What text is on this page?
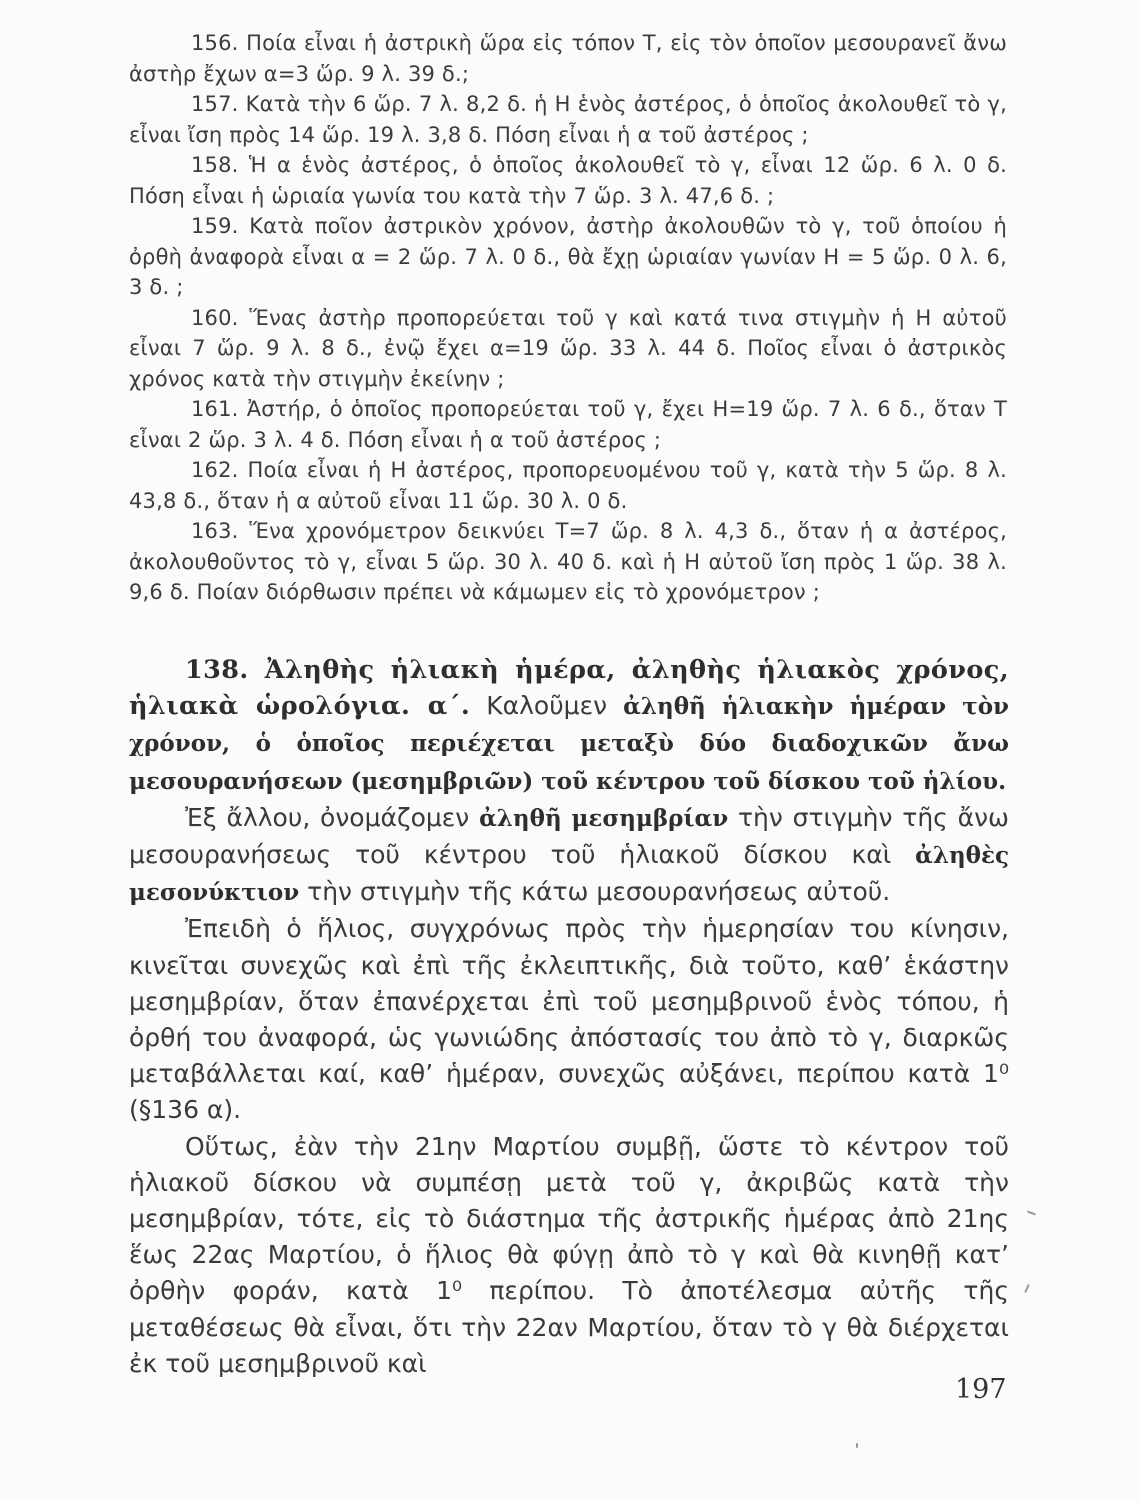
156. Ποία εἶναι ἡ ἀστρικὴ ὥρα εἰς τόπον Τ, εἰς τὸν ὁποῖον μεσουρανεῖ ἄνω ἀστὴρ ἔχων α=3 ὥρ. 9 λ. 39 δ.;

157. Κατὰ τὴν 6 ὥρ. 7 λ. 8,2 δ. ἡ Η ἑνὸς ἀστέρος, ὁ ὁποῖος ἀκολουθεῖ τὸ γ, εἶναι ἴση πρὸς 14 ὥρ. 19 λ. 3,8 δ. Πόση εἶναι ἡ α τοῦ ἀστέρος ;

158. Ἡ α ἑνὸς ἀστέρος, ὁ ὁποῖος ἀκολουθεῖ τὸ γ, εἶναι 12 ὥρ. 6 λ. 0 δ. Πόση εἶναι ἡ ὡριαία γωνία του κατὰ τὴν 7 ὥρ. 3 λ. 47,6 δ. ;

159. Κατὰ ποῖον ἀστρικὸν χρόνον, ἀστὴρ ἀκολουθῶν τὸ γ, τοῦ ὁποίου ἡ ὀρθὴ ἀναφορὰ εἶναι α = 2 ὥρ. 7 λ. 0 δ., θὰ ἔχῃ ὡριαίαν γωνίαν Η = 5 ὥρ. 0 λ. 6, 3 δ. ;

160. Ἕνας ἀστὴρ προπορεύεται τοῦ γ καὶ κατά τινα στιγμὴν ἡ Η αὐτοῦ εἶναι 7 ὥρ. 9 λ. 8 δ., ἐνῷ ἔχει α=19 ὥρ. 33 λ. 44 δ. Ποῖος εἶναι ὁ ἀστρικὸς χρόνος κατὰ τὴν στιγμὴν ἐκείνην ;

161. Ἀστήρ, ὁ ὁποῖος προπορεύεται τοῦ γ, ἔχει Η=19 ὥρ. 7 λ. 6 δ., ὅταν Τ εἶναι 2 ὥρ. 3 λ. 4 δ. Πόση εἶναι ἡ α τοῦ ἀστέρος ;

162. Ποία εἶναι ἡ Η ἀστέρος, προπορευομένου τοῦ γ, κατὰ τὴν 5 ὥρ. 8 λ. 43,8 δ., ὅταν ἡ α αὐτοῦ εἶναι 11 ὥρ. 30 λ. 0 δ.

163. Ἕνα χρονόμετρον δεικνύει Τ=7 ὥρ. 8 λ. 4,3 δ., ὅταν ἡ α ἀστέρος, ἀκολουθοῦντος τὸ γ, εἶναι 5 ὥρ. 30 λ. 40 δ. καὶ ἡ Η αὐτοῦ ἴση πρὸς 1 ὥρ. 38 λ. 9,6 δ. Ποίαν διόρθωσιν πρέπει νὰ κάμωμεν εἰς τὸ χρονόμετρον ;

138. Ἀληθὴς ἡλιακὴ ἡμέρα, ἀληθὴς ἡλιακὸς χρόνος, ἡλιακὰ ὡρολόγια. α΄. Καλοῦμεν ἀληθῆ ἡλιακὴν ἡμέραν τὸν χρόνον, ὁ ὁποῖος περιέχεται μεταξὺ δύο διαδοχικῶν ἄνω μεσουρανήσεων (μεσημβριῶν) τοῦ κέντρου τοῦ δίσκου τοῦ ἡλίου.

Ἐξ ἄλλου, ὀνομάζομεν ἀληθῆ μεσημβρίαν τὴν στιγμὴν τῆς ἄνω μεσουρανήσεως τοῦ κέντρου τοῦ ἡλιακοῦ δίσκου καὶ ἀληθὲς μεσονύκτιον τὴν στιγμὴν τῆς κάτω μεσουρανήσεως αὐτοῦ.

Ἐπειδὴ ὁ ἥλιος, συγχρόνως πρὸς τὴν ἡμερησίαν του κίνησιν, κινεῖται συνεχῶς καὶ ἐπὶ τῆς ἐκλειπτικῆς, διὰ τοῦτο, καθ’ ἑκάστην μεσημβρίαν, ὅταν ἐπανέρχεται ἐπὶ τοῦ μεσημβρινοῦ ἑνὸς τόπου, ἡ ὀρθή του ἀναφορά, ὡς γωνιώδης ἀπόστασίς του ἀπὸ τὸ γ, διαρκῶς μεταβάλλεται καί, καθ’ ἡμέραν, συνεχῶς αὐξάνει, περίπου κατὰ 1⁰ (§136 α).

Οὕτως, ἐὰν τὴν 21ην Μαρτίου συμβῇ, ὥστε τὸ κέντρον τοῦ ἡλιακοῦ δίσκου νὰ συμπέσῃ μετὰ τοῦ γ, ἀκριβῶς κατὰ τὴν μεσημβρίαν, τότε, εἰς τὸ διάστημα τῆς ἀστρικῆς ἡμέρας ἀπὸ 21ης ἕως 22ας Μαρτίου, ὁ ἥλιος θὰ φύγῃ ἀπὸ τὸ γ καὶ θὰ κινηθῇ κατ’ ὀρθὴν φοράν, κατὰ 1⁰ περίπου. Τὸ ἀποτέλεσμα αὐτῆς τῆς μεταθέσεως θὰ εἶναι, ὅτι τὴν 22αν Μαρτίου, ὅταν τὸ γ θὰ διέρχεται ἐκ τοῦ μεσημβρινοῦ καὶ

197
